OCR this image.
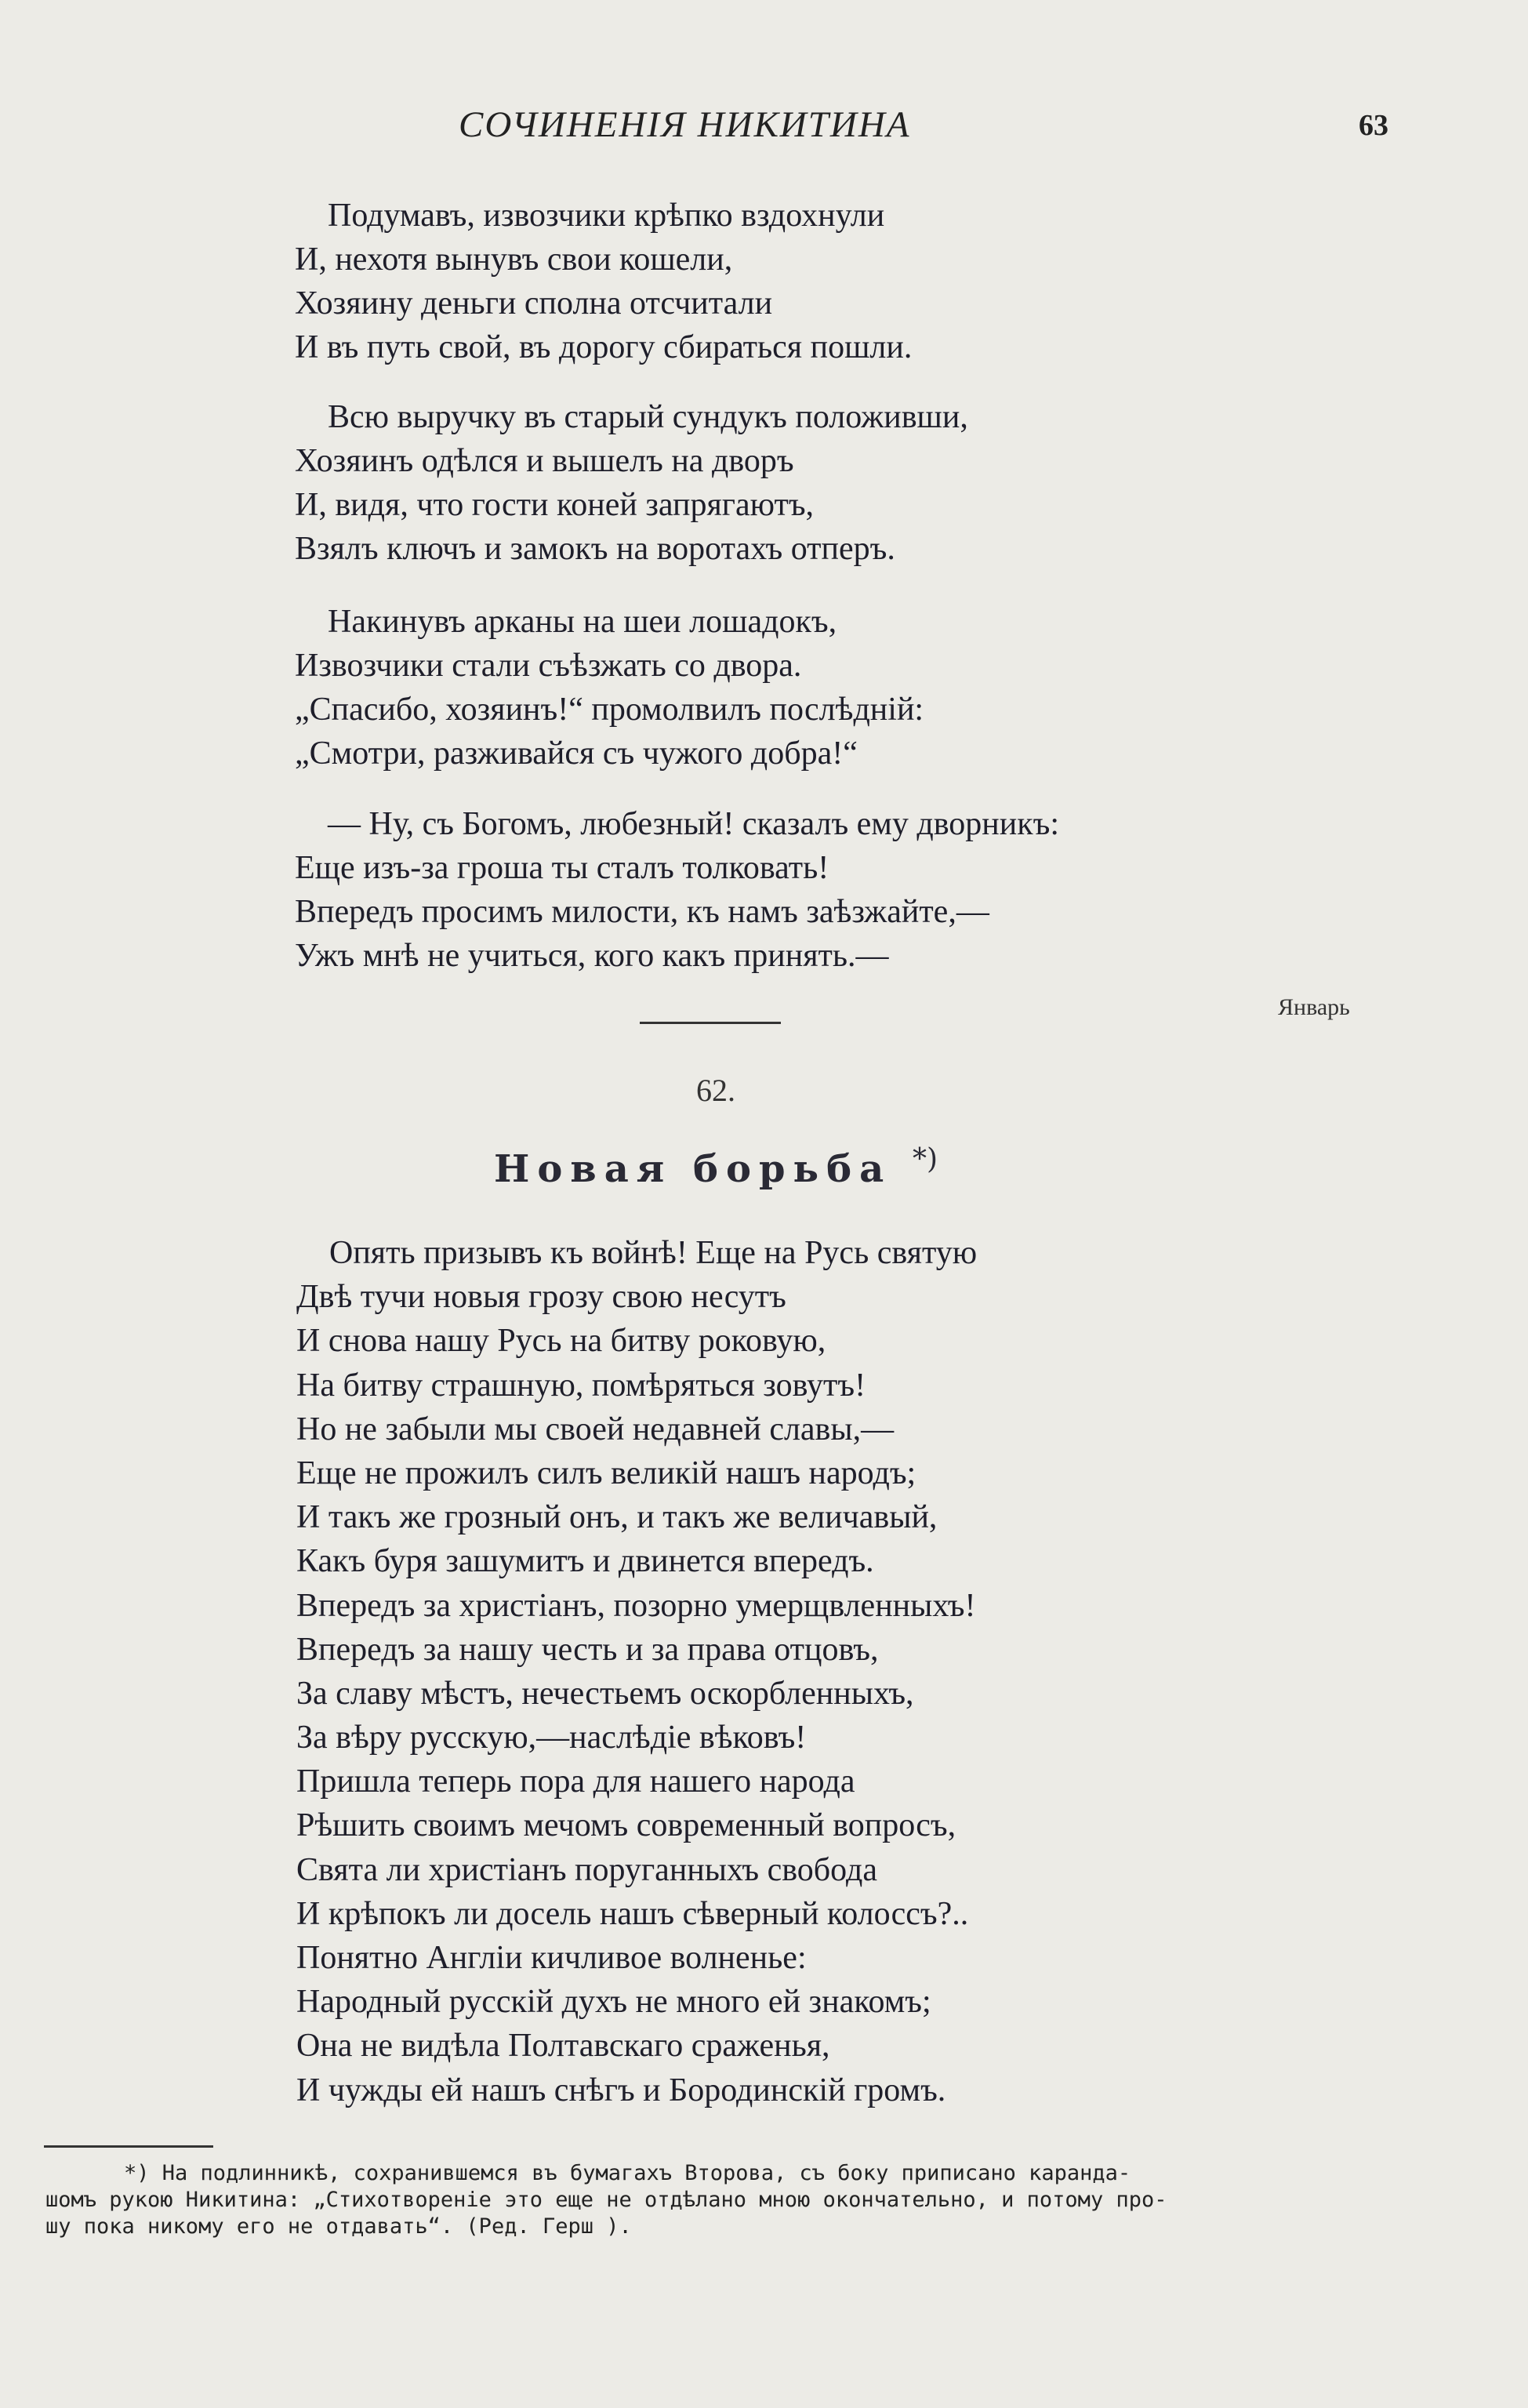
СОЧИНЕНІЯ НИКИТИНА	63
Подумавъ, извозчики крѣпко вздохнули
И, нехотя вынувъ свои кошели,
Хозяину деньги сполна отсчитали
И въ путь свой, въ дорогу сбираться пошли.
Всю выручку въ старый сундукъ положивши,
Хозяинъ одѣлся и вышелъ на дворъ
И, видя, что гости коней запрягаютъ,
Взялъ ключъ и замокъ на воротахъ отперъ.
Накинувъ арканы на шеи лошадокъ,
Извозчики стали съѣзжать со двора.
„Спасибо, хозяинъ!“ промолвилъ послѣдній:
„Смотри, разживайся съ чужого добра!“
— Ну, съ Богомъ, любезный! сказалъ ему дворникъ:
Еще изъ-за гроша ты сталъ толковать!
Впередъ просимъ милости, къ намъ заѣзжайте,—
Ужъ мнѣ не учиться, кого какъ принять.—
Январь
62.
Новая борьба *)
Опять призывъ къ войнѣ! Еще на Русь святую
Двѣ тучи новыя грозу свою несутъ
И снова нашу Русь на битву роковую,
На битву страшную, помѣряться зовутъ!
Но не забыли мы своей недавней славы,—
Еще не прожилъ силъ великій нашъ народъ;
И такъ же грозный онъ, и такъ же величавый,
Какъ буря зашумитъ и двинется впередъ.
Впередъ за христіанъ, позорно умерщвленныхъ!
Впередъ за нашу честь и за права отцовъ,
За славу мѣстъ, нечестьемъ оскорбленныхъ,
За вѣру русскую,—наслѣдіе вѣковъ!
Пришла теперь пора для нашего народа
Рѣшить своимъ мечомъ современный вопросъ,
Свята ли христіанъ поруганныхъ свобода
И крѣпокъ ли досель нашъ сѣверный колоссъ?..
Понятно Англіи кичливое волненье:
Народный русскій духъ не много ей знакомъ;
Она не видѣла Полтавскаго сраженья,
И чужды ей нашъ снѣгъ и Бородинскій громъ.
*) На подлинникѣ, сохранившемся въ бумагахъ Второва, съ боку приписано каранда-
шомъ рукою Никитина: „Стихотвореніе это еще не отдѣлано мною окончательно, и потому про-
шу пока никому его не отдавать“. (Ред. Герш ).
